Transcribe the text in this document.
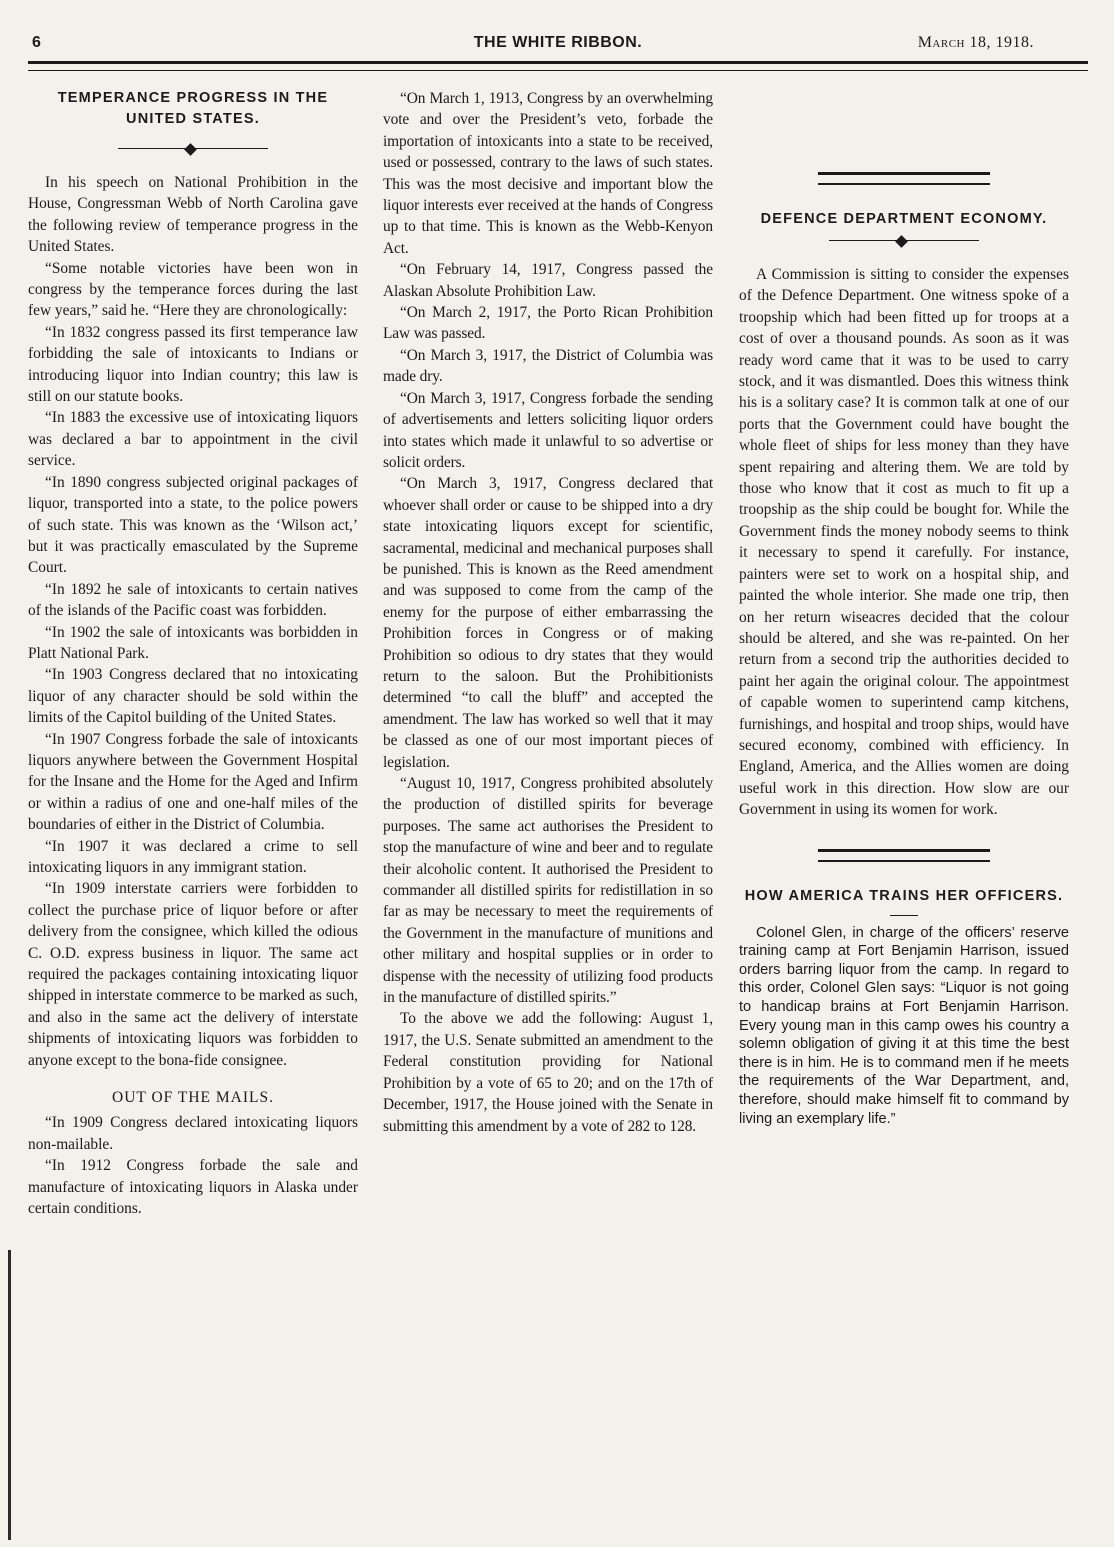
6	THE WHITE RIBBON.	March 18, 1918.
TEMPERANCE PROGRESS IN THE UNITED STATES.

In his speech on National Prohibition in the House, Congressman Webb of North Carolina gave the following review of temperance progress in the United States.

“Some notable victories have been won in congress by the temperance forces during the last few years,” said he. “Here they are chronologically:

“In 1832 congress passed its first temperance law forbidding the sale of intoxicants to Indians or introducing liquor into Indian country; this law is still on our statute books.

“In 1883 the excessive use of intoxicating liquors was declared a bar to appointment in the civil service.

“In 1890 congress subjected original packages of liquor, transported into a state, to the police powers of such state. This was known as the ‘Wilson act,’ but it was practically emasculated by the Supreme Court.

“In 1892 he sale of intoxicants to certain natives of the islands of the Pacific coast was forbidden.

“In 1902 the sale of intoxicants was borbidden in Platt National Park.

“In 1903 Congress declared that no intoxicating liquor of any character should be sold within the limits of the Capitol building of the United States.

“In 1907 Congress forbade the sale of intoxicants liquors anywhere between the Government Hospital for the Insane and the Home for the Aged and Infirm or within a radius of one and one-half miles of the boundaries of either in the District of Columbia.

“In 1907 it was declared a crime to sell intoxicating liquors in any immigrant station.

“In 1909 interstate carriers were forbidden to collect the purchase price of liquor before or after delivery from the consignee, which killed the odious C. O.D. express business in liquor. The same act required the packages containing intoxicating liquor shipped in interstate commerce to be marked as such, and also in the same act the delivery of interstate shipments of intoxicating liquors was forbidden to anyone except to the bona-fide consignee.

OUT OF THE MAILS.

“In 1909 Congress declared intoxicating liquors non-mailable.

“In 1912 Congress forbade the sale and manufacture of intoxicating liquors in Alaska under certain conditions.

“On March 1, 1913, Congress by an overwhelming vote and over the President’s veto, forbade the importation of intoxicants into a state to be received, used or possessed, contrary to the laws of such states. This was the most decisive and important blow the liquor interests ever received at the hands of Congress up to that time. This is known as the Webb-Kenyon Act.

“On February 14, 1917, Congress passed the Alaskan Absolute Prohibition Law.

“On March 2, 1917, the Porto Rican Prohibition Law was passed.

“On March 3, 1917, the District of Columbia was made dry.

“On March 3, 1917, Congress forbade the sending of advertisements and letters soliciting liquor orders into states which made it unlawful to so advertise or solicit orders.

“On March 3, 1917, Congress declared that whoever shall order or cause to be shipped into a dry state intoxicating liquors except for scientific, sacramental, medicinal and mechanical purposes shall be punished. This is known as the Reed amendment and was supposed to come from the camp of the enemy for the purpose of either embarrassing the Prohibition forces in Congress or of making Prohibition so odious to dry states that they would return to the saloon. But the Prohibitionists determined “to call the bluff” and accepted the amendment. The law has worked so well that it may be classed as one of our most important pieces of legislation.

“August 10, 1917, Congress prohibited absolutely the production of distilled spirits for beverage purposes. The same act authorises the President to stop the manufacture of wine and beer and to regulate their alcoholic content. It authorised the President to commander all distilled spirits for redistillation in so far as may be necessary to meet the requirements of the Government in the manufacture of munitions and other military and hospital supplies or in order to dispense with the necessity of utilizing food products in the manufacture of distilled spirits.”

To the above we add the following: August 1, 1917, the U.S. Senate submitted an amendment to the Federal constitution providing for National Prohibition by a vote of 65 to 20; and on the 17th of December, 1917, the House joined with the Senate in submitting this amendment by a vote of 282 to 128.

DEFENCE DEPARTMENT ECONOMY.

A Commission is sitting to consider the expenses of the Defence Department. One witness spoke of a troopship which had been fitted up for troops at a cost of over a thousand pounds. As soon as it was ready word came that it was to be used to carry stock, and it was dismantled. Does this witness think his is a solitary case? It is common talk at one of our ports that the Government could have bought the whole fleet of ships for less money than they have spent repairing and altering them. We are told by those who know that it cost as much to fit up a troopship as the ship could be bought for. While the Government finds the money nobody seems to think it necessary to spend it carefully. For instance, painters were set to work on a hospital ship, and painted the whole interior. She made one trip, then on her return wiseacres decided that the colour should be altered, and she was re-painted. On her return from a second trip the authorities decided to paint her again the original colour. The appointmest of capable women to superintend camp kitchens, furnishings, and hospital and troop ships, would have secured economy, combined with efficiency. In England, America, and the Allies women are doing useful work in this direction. How slow are our Government in using its women for work.

HOW AMERICA TRAINS HER OFFICERS.

Colonel Glen, in charge of the officers’ reserve training camp at Fort Benjamin Harrison, issued orders barring liquor from the camp. In regard to this order, Colonel Glen says: “Liquor is not going to handicap brains at Fort Benjamin Harrison. Every young man in this camp owes his country a solemn obligation of giving it at this time the best there is in him. He is to command men if he meets the requirements of the War Department, and, therefore, should make himself fit to command by living an exemplary life.”
